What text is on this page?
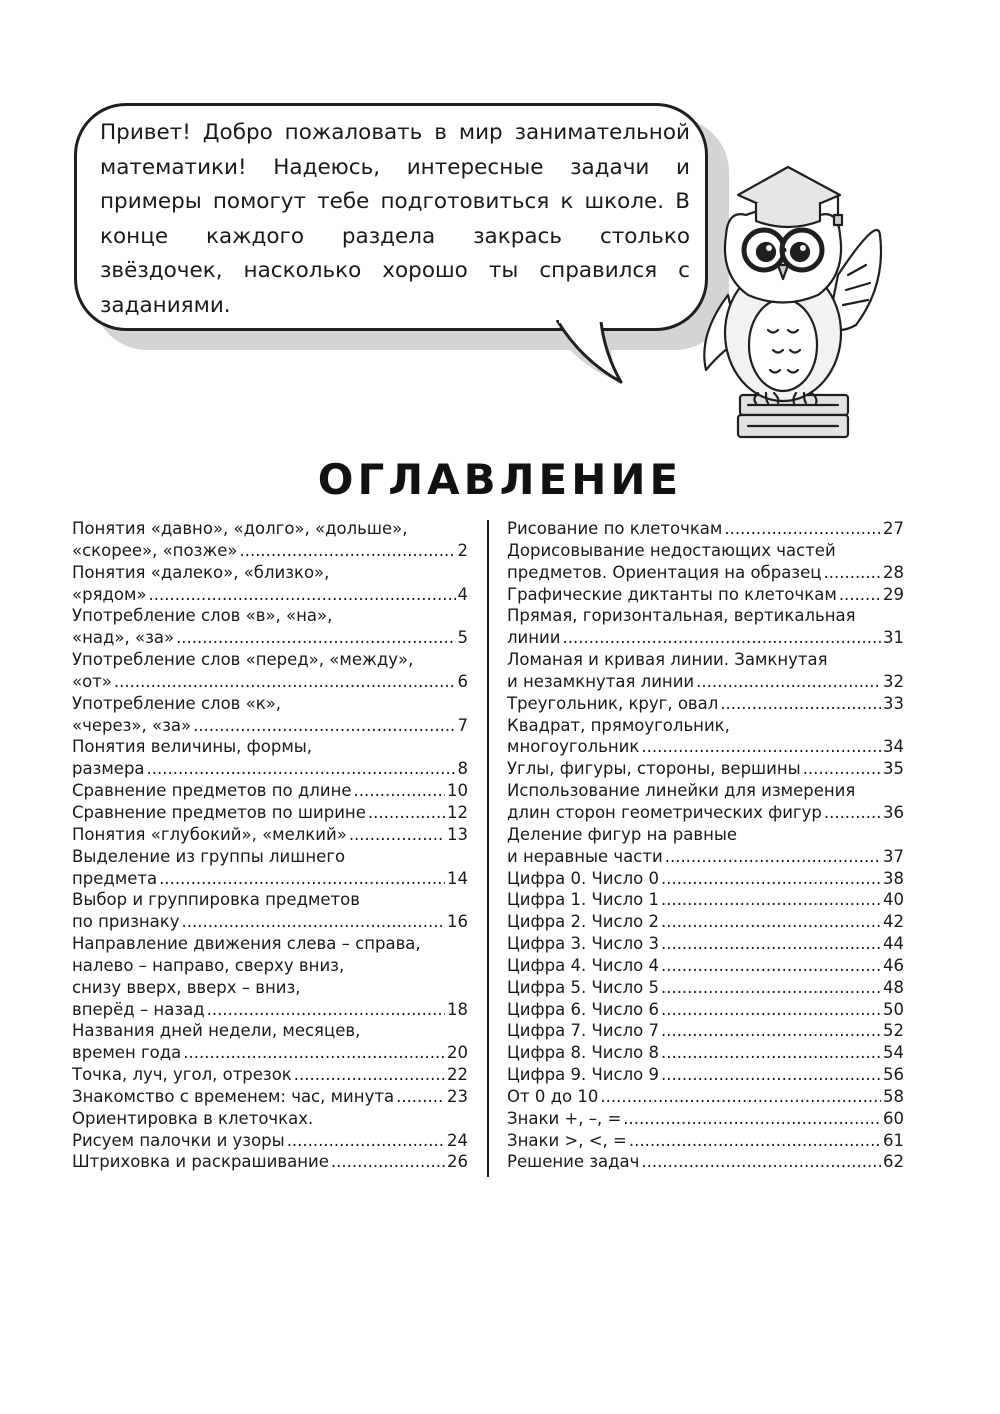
Привет! Добро пожаловать в мир занимательной математики! Надеюсь, интересные задачи и примеры помогут тебе подготовиться к школе. В конце каждого раздела закрась столько звёздочек, насколько хорошо ты справился с заданиями.

ОГЛАВЛЕНИЕ
Понятия «давно», «долго», «дольше»,
«скорее», «позже» .....	2
Понятия «далеко», «близко»,
«рядом» .....	4
Употребление слов «в», «на»,
«над», «за» .....	5
Употребление слов «перед», «между»,
«от» .....	6
Употребление слов «к»,
«через», «за» .....	7
Понятия величины, формы,
размера .....	8
Сравнение предметов по длине .....	10
Сравнение предметов по ширине .....	12
Понятия «глубокий», «мелкий» .....	13
Выделение из группы лишнего
предмета .....	14
Выбор и группировка предметов
по признаку .....	16
Направление движения слева – справа,
налево – направо, сверху вниз,
снизу вверх, вверх – вниз,
вперёд – назад .....	18
Названия дней недели, месяцев,
времен года .....	20
Точка, луч, угол, отрезок .....	22
Знакомство с временем: час, минута .....	23
Ориентировка в клеточках.
Рисуем палочки и узоры .....	24
Штриховка и раскрашивание .....	26
Рисование по клеточкам .....	27
Дорисовывание недостающих частей
предметов. Ориентация на образец .....	28
Графические диктанты по клеточкам .....	29
Прямая, горизонтальная, вертикальная
линии .....	31
Ломаная и кривая линии. Замкнутая
и незамкнутая линии .....	32
Треугольник, круг, овал .....	33
Квадрат, прямоугольник,
многоугольник .....	34
Углы, фигуры, стороны, вершины .....	35
Использование линейки для измерения
длин сторон геометрических фигур .....	36
Деление фигур на равные
и неравные части .....	37
Цифра 0. Число 0 .....	38
Цифра 1. Число 1 .....	40
Цифра 2. Число 2 .....	42
Цифра 3. Число 3 .....	44
Цифра 4. Число 4 .....	46
Цифра 5. Число 5 .....	48
Цифра 6. Число 6 .....	50
Цифра 7. Число 7 .....	52
Цифра 8. Число 8 .....	54
Цифра 9. Число 9 .....	56
От 0 до 10 .....	58
Знаки +, –, = .....	60
Знаки >, <, = .....	61
Решение задач .....	62
